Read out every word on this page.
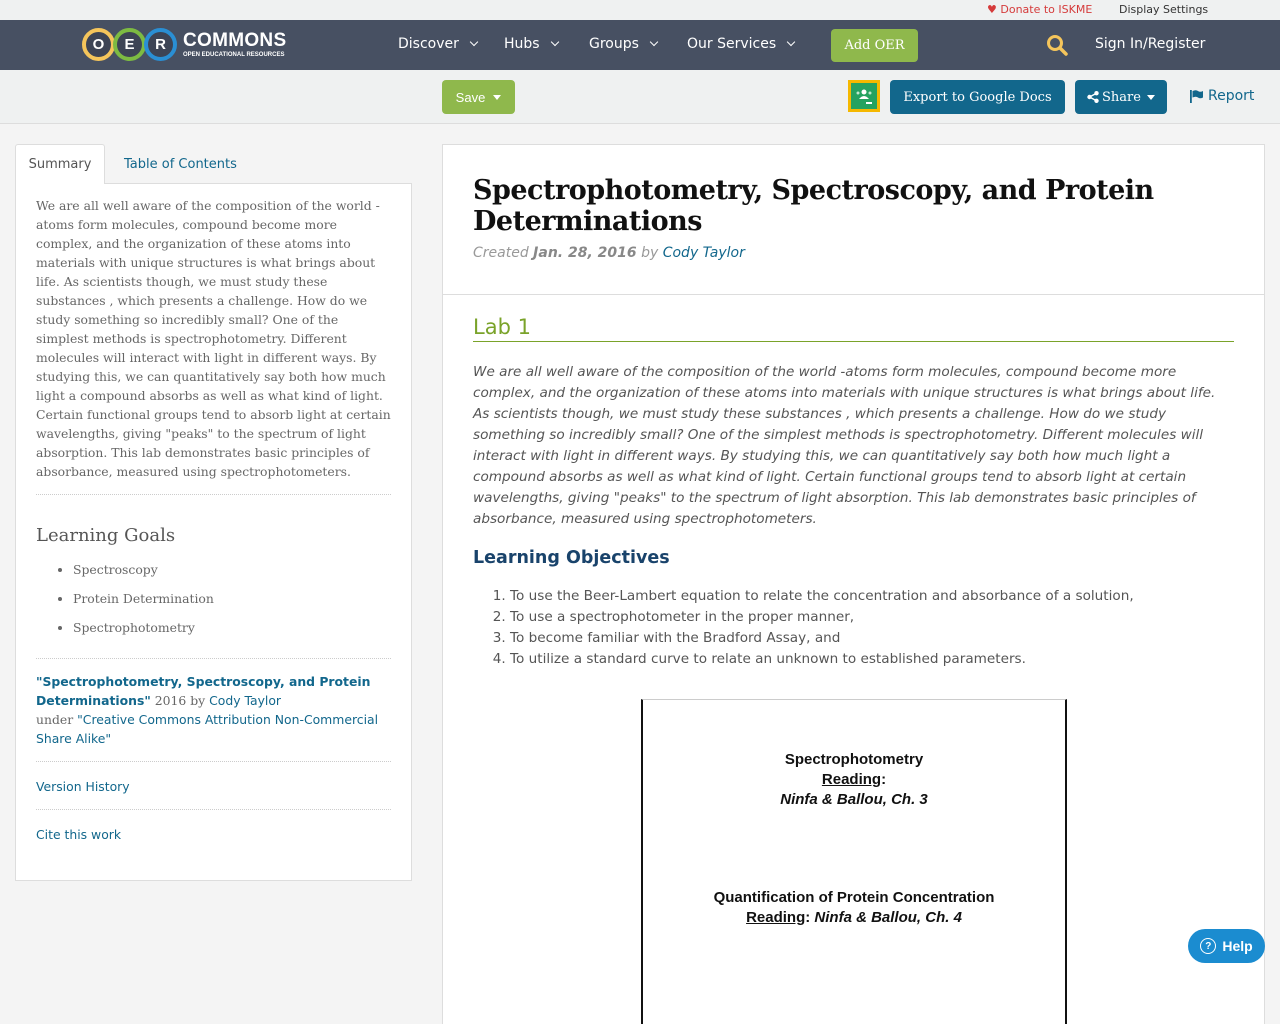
♥ Donate to ISKME Display Settings
O	E	R COMMONS
OPEN EDUCATIONAL RESOURCES
Discover	Hubs	Groups	Our Services	Add OER	Sign In/Register
Save	Export to Google Docs	Share	Report
Summary	Table of Contents

We are all well aware of the composition of the world - atoms form molecules, compound become more complex, and the organization of these atoms into materials with unique structures is what brings about life. As scientists though, we must study these substances , which presents a challenge. How do we study something so incredibly small? One of the simplest methods is spectrophotometry. Different molecules will interact with light in different ways. By studying this, we can quantitatively say both how much light a compound absorbs as well as what kind of light. Certain functional groups tend to absorb light at certain wavelengths, giving "peaks" to the spectrum of light absorption. This lab demonstrates basic principles of absorbance, measured using spectrophotometers.

Learning Goals
• Spectroscopy
• Protein Determination
• Spectrophotometry
"Spectrophotometry, Spectroscopy, and Protein Determinations" 2016 by Cody Taylor
under "Creative Commons Attribution Non-Commercial Share Alike"
Version History
Cite this work
Spectrophotometry, Spectroscopy, and Protein Determinations
Created Jan. 28, 2016 by Cody Taylor
Lab 1

We are all well aware of the composition of the world -atoms form molecules, compound become more complex, and the organization of these atoms into materials with unique structures is what brings about life. As scientists though, we must study these substances , which presents a challenge. How do we study something so incredibly small? One of the simplest methods is spectrophotometry. Different molecules will interact with light in different ways. By studying this, we can quantitatively say both how much light a compound absorbs as well as what kind of light. Certain functional groups tend to absorb light at certain wavelengths, giving "peaks" to the spectrum of light absorption. This lab demonstrates basic principles of absorbance, measured using spectrophotometers.

Learning Objectives
1. To use the Beer-Lambert equation to relate the concentration and absorbance of a solution,
2. To use a spectrophotometer in the proper manner,
3. To become familiar with the Bradford Assay, and
4. To utilize a standard curve to relate an unknown to established parameters.
Spectrophotometry
Reading:
Ninfa & Ballou, Ch. 3
Quantification of Protein Concentration
Reading: Ninfa & Ballou, Ch. 4
? Help
